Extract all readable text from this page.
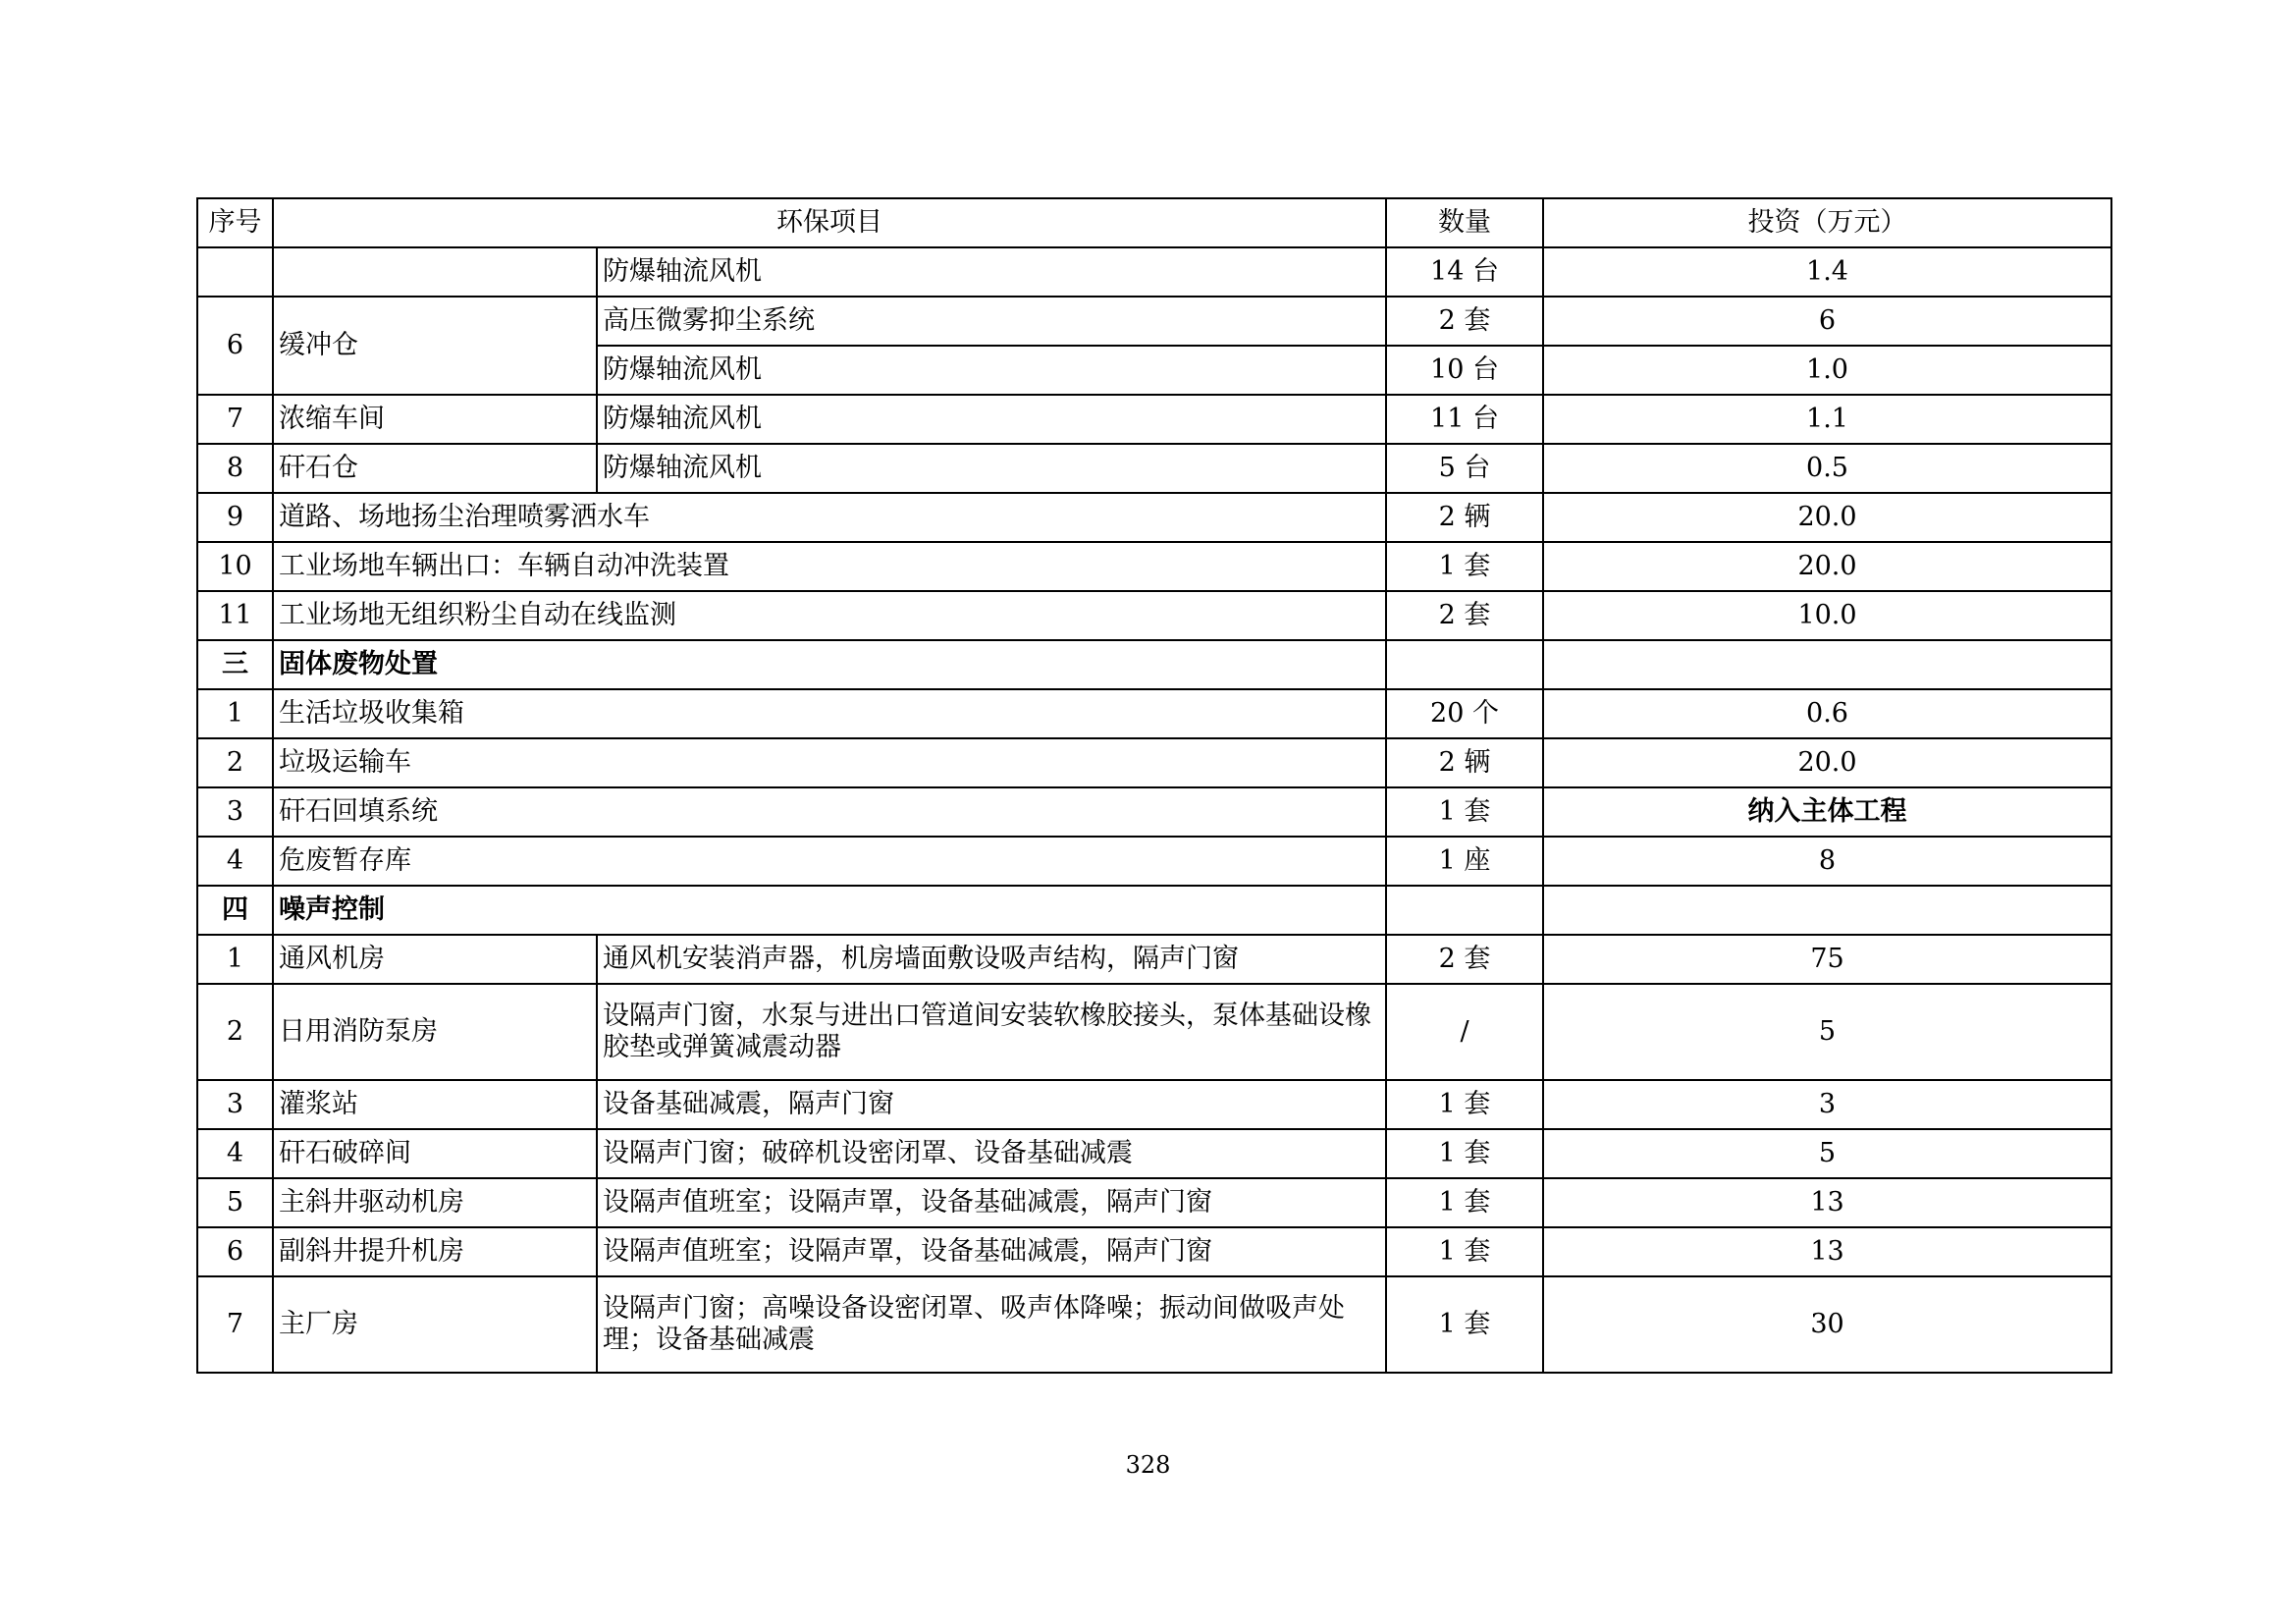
序号	环保项目		数量	投资（万元）
		防爆轴流风机	14 台	1.4
6	缓冲仓	高压微雾抑尘系统	2 套	6
		防爆轴流风机	10 台	1.0
7	浓缩车间	防爆轴流风机	11 台	1.1
8	矸石仓	防爆轴流风机	5 台	0.5
9	道路、场地扬尘治理喷雾洒水车		2 辆	20.0
10	工业场地车辆出口：车辆自动冲洗装置		1 套	20.0
11	工业场地无组织粉尘自动在线监测		2 套	10.0
三	固体废物处置			
1	生活垃圾收集箱		20 个	0.6
2	垃圾运输车		2 辆	20.0
3	矸石回填系统		1 套	纳入主体工程
4	危废暂存库		1 座	8
四	噪声控制			
1	通风机房	通风机安装消声器，机房墙面敷设吸声结构，隔声门窗	2 套	75
2	日用消防泵房	设隔声门窗，水泵与进出口管道间安装软橡胶接头，泵体基础设橡胶垫或弹簧减震动器	/	5
3	灌浆站	设备基础减震，隔声门窗	1 套	3
4	矸石破碎间	设隔声门窗；破碎机设密闭罩、设备基础减震	1 套	5
5	主斜井驱动机房	设隔声值班室；设隔声罩，设备基础减震，隔声门窗	1 套	13
6	副斜井提升机房	设隔声值班室；设隔声罩，设备基础减震，隔声门窗	1 套	13
7	主厂房	设隔声门窗；高噪设备设密闭罩、吸声体降噪；振动间做吸声处理；设备基础减震	1 套	30
328
